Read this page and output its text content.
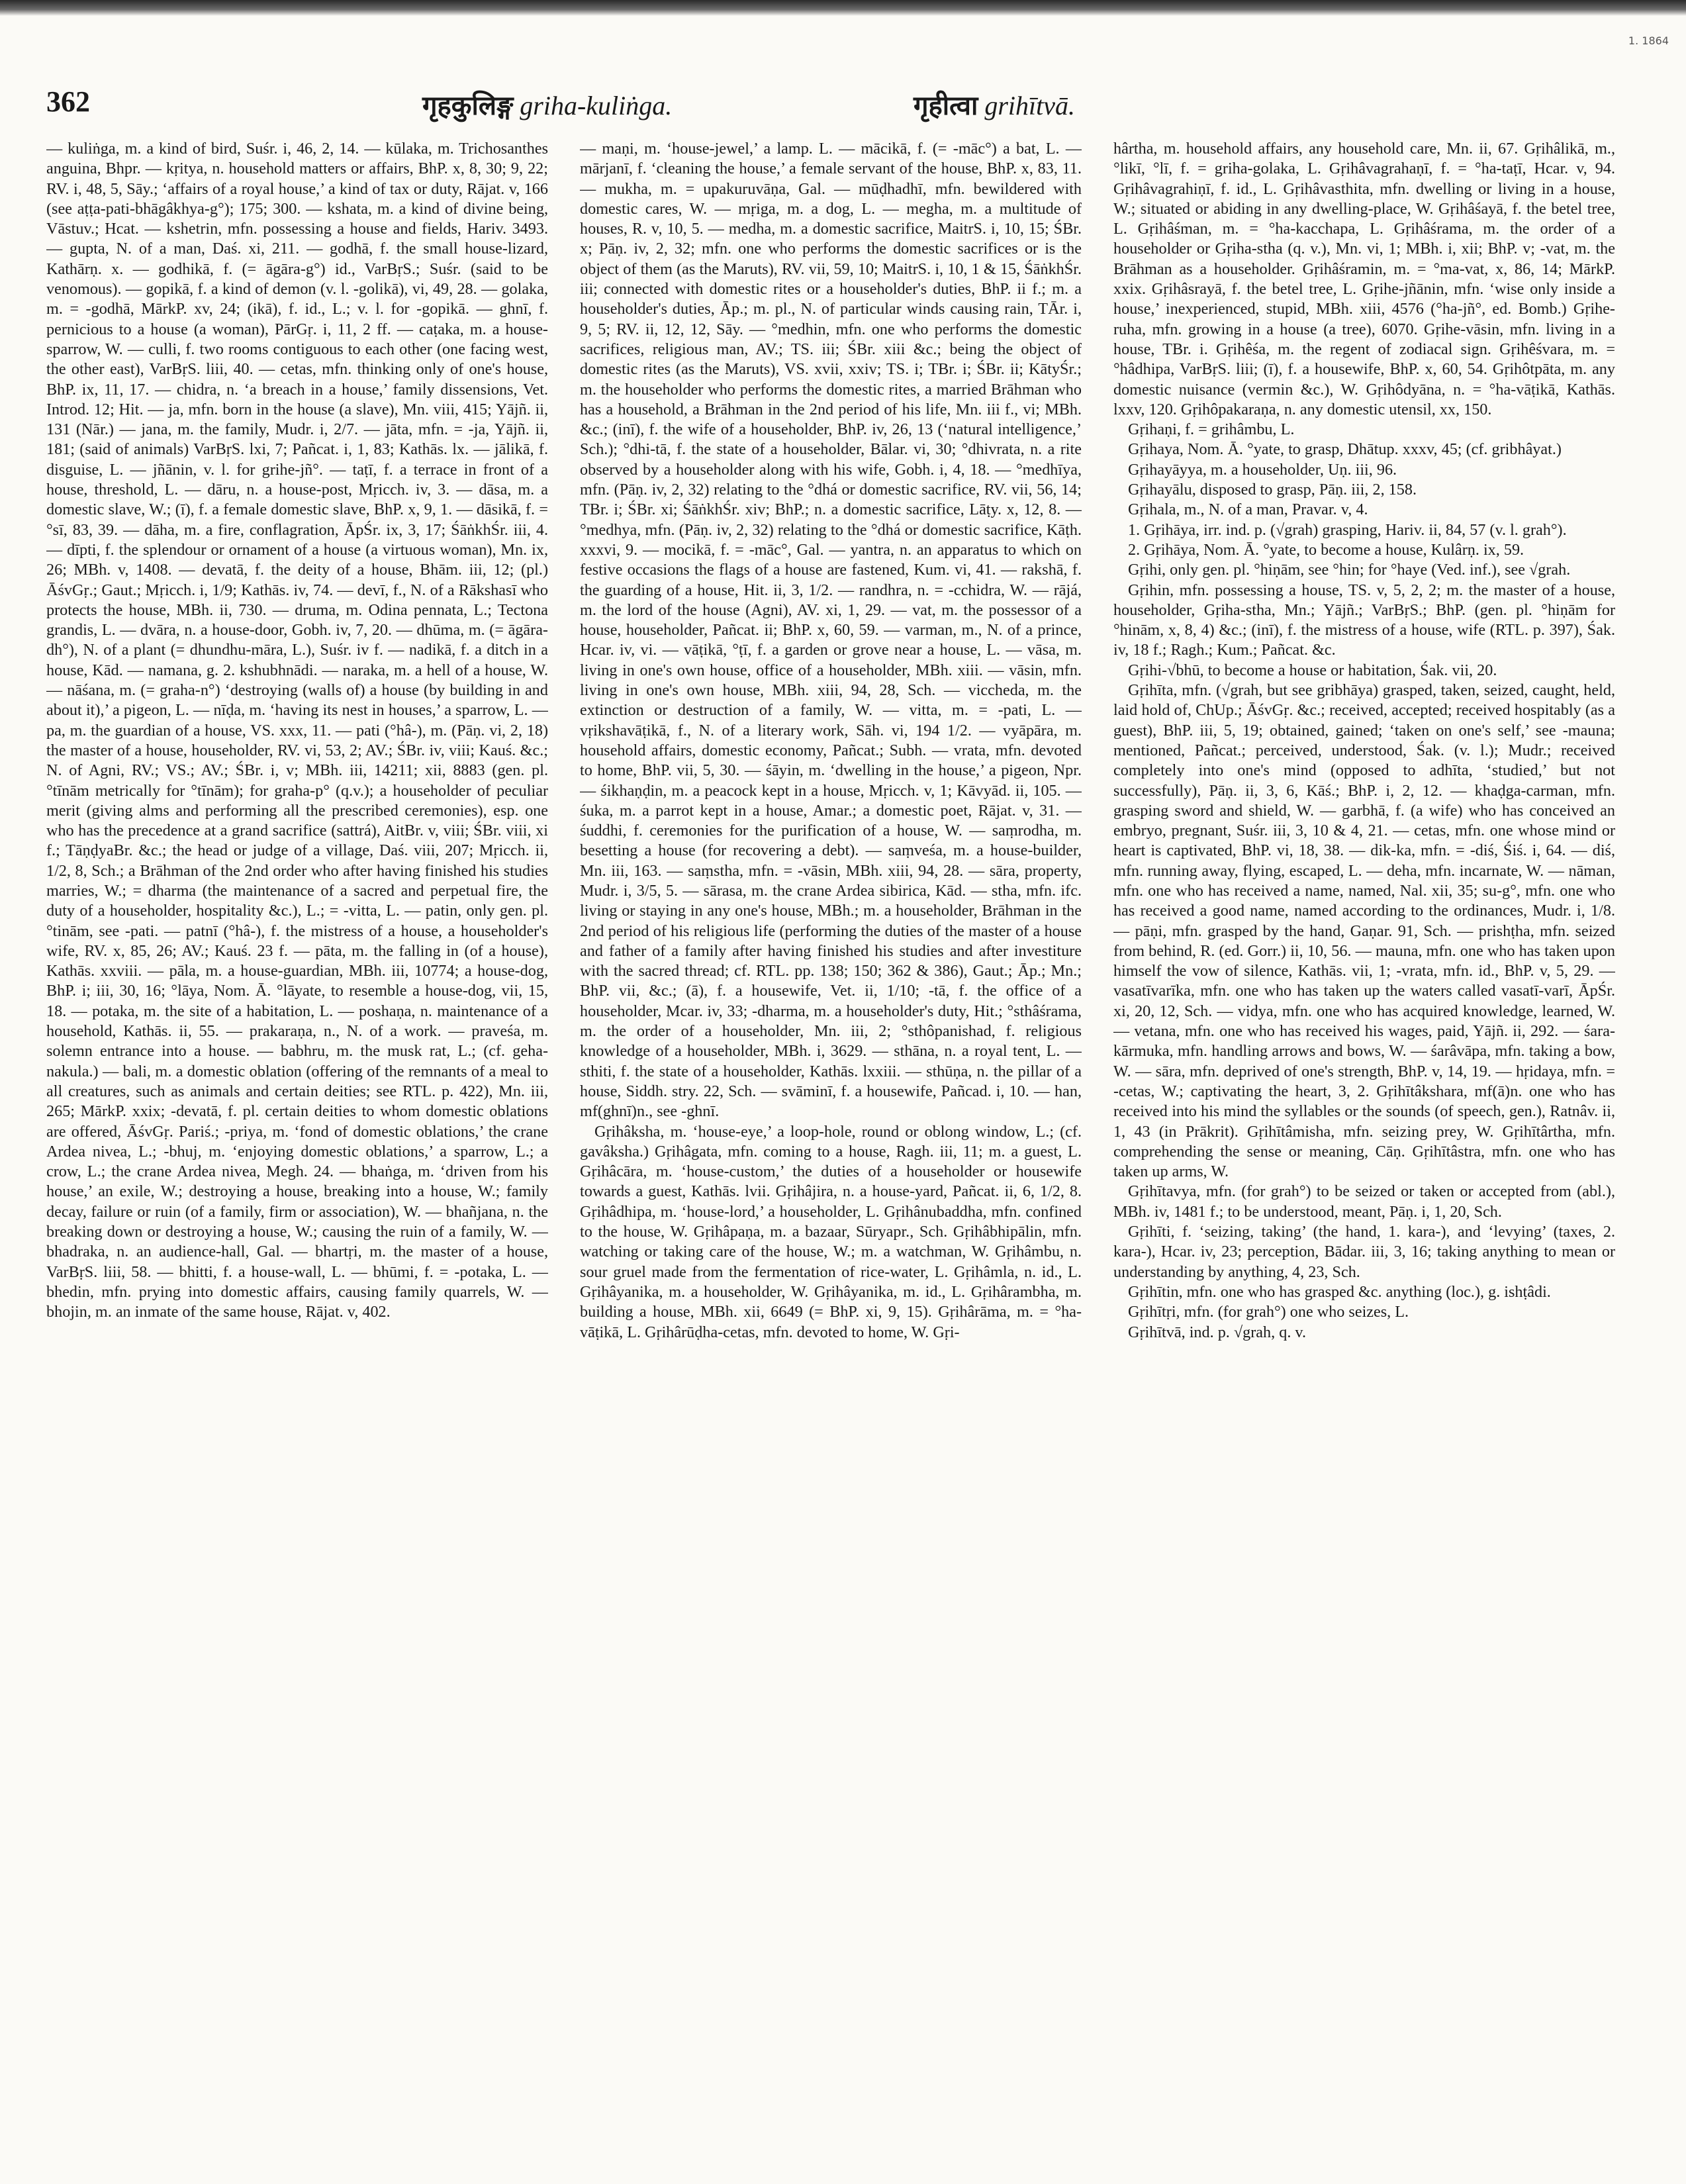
362	गृहकुलिङ्ग griha-kuliṅga.	गृहीत्वा grihītvā.
1. 1864

— kuliṅga, m. a kind of bird, Suśr. i, 46, 2, 14. — kūlaka, m. Trichosanthes anguina, Bhpr. — kṛitya, n. household matters or affairs, BhP. x, 8, 30; 9, 22; RV. i, 48, 5, Sāy.; ‘affairs of a royal house,’ a kind of tax or duty, Rājat. v, 166 (see aṭṭa-pati-bhāgâkhya-g°); 175; 300. — kshata, m. a kind of divine being, Vāstuv.; Hcat. — kshetrin, mfn. possessing a house and fields, Hariv. 3493. — gupta, N. of a man, Daś. xi, 211. — godhā, f. the small house-lizard, Kathārṇ. x. — godhikā, f. (= āgāra-g°) id., VarBṛS.; Suśr. (said to be venomous). — gopikā, f. a kind of demon (v. l. -golikā), vi, 49, 28. — golaka, m. = -godhā, MārkP. xv, 24; (ikā), f. id., L.; v. l. for -gopikā. — ghnī, f. pernicious to a house (a woman), PārGṛ. i, 11, 2 ff. — caṭaka, m. a house-sparrow, W. — culli, f. two rooms contiguous to each other (one facing west, the other east), VarBṛS. liii, 40. — cetas, mfn. thinking only of one's house, BhP. ix, 11, 17. — chidra, n. ‘a breach in a house,’ family dissensions, Vet. Introd. 12; Hit. — ja, mfn. born in the house (a slave), Mn. viii, 415; Yājñ. ii, 131 (Nār.) — jana, m. the family, Mudr. i, 2/7. — jāta, mfn. = -ja, Yājñ. ii, 181; (said of animals) VarBṛS. lxi, 7; Pañcat. i, 1, 83; Kathās. lx. — jālikā, f. disguise, L. — jñānin, v. l. for grihe-jñ°. — taṭī, f. a terrace in front of a house, threshold, L. — dāru, n. a house-post, Mṛicch. iv, 3. — dāsa, m. a domestic slave, W.; (ī), f. a female domestic slave, BhP. x, 9, 1. — dāsikā, f. = °sī, 83, 39. — dāha, m. a fire, conflagration, ĀpŚr. ix, 3, 17; ŚāṅkhŚr. iii, 4. — dīpti, f. the splendour or ornament of a house (a virtuous woman), Mn. ix, 26; MBh. v, 1408. — devatā, f. the deity of a house, Bhām. iii, 12; (pl.) ĀśvGṛ.; Gaut.; Mṛicch. i, 1/9; Kathās. iv, 74. — devī, f., N. of a Rākshasī who protects the house, MBh. ii, 730. — druma, m. Odina pennata, L.; Tectona grandis, L. — dvāra, n. a house-door, Gobh. iv, 7, 20. — dhūma, m. (= āgāra-dh°), N. of a plant (= dhundhu-māra, L.), Suśr. iv f. — nadikā, f. a ditch in a house, Kād. — namana, g. 2. kshubhnādi. — naraka, m. a hell of a house, W. — nāśana, m. (= graha-n°) ‘destroying (walls of) a house (by building in and about it),’ a pigeon, L. — nīḍa, m. ‘having its nest in houses,’ a sparrow, L. — pa, m. the guardian of a house, VS. xxx, 11. — pati (°hâ-), m. (Pāṇ. vi, 2, 18) the master of a house, householder, RV. vi, 53, 2; AV.; ŚBr. iv, viii; Kauś. &c.; N. of Agni, RV.; VS.; AV.; ŚBr. i, v; MBh. iii, 14211; xii, 8883 (gen. pl. °tīnām metrically for °tīnām); for graha-p° (q.v.); a householder of peculiar merit (giving alms and performing all the prescribed ceremonies), esp. one who has the precedence at a grand sacrifice (sattrá), AitBr. v, viii; ŚBr. viii, xi f.; TāṇḍyaBr. &c.; the head or judge of a village, Daś. viii, 207; Mṛicch. ii, 1/2, 8, Sch.; a Brāhman of the 2nd order who after having finished his studies marries, W.; = dharma (the maintenance of a sacred and perpetual fire, the duty of a householder, hospitality &c.), L.; = -vitta, L. — patin, only gen. pl. °tinām, see -pati. — patnī (°hâ-), f. the mistress of a house, a householder's wife, RV. x, 85, 26; AV.; Kauś. 23 f. — pāta, m. the falling in (of a house), Kathās. xxviii. — pāla, m. a house-guardian, MBh. iii, 10774; a house-dog, BhP. i; iii, 30, 16; °lāya, Nom. Ā. °lāyate, to resemble a house-dog, vii, 15, 18. — potaka, m. the site of a habitation, L. — poshaṇa, n. maintenance of a household, Kathās. ii, 55. — prakaraṇa, n., N. of a work. — praveśa, m. solemn entrance into a house. — babhru, m. the musk rat, L.; (cf. geha-nakula.) — bali, m. a domestic oblation (offering of the remnants of a meal to all creatures, such as animals and certain deities; see RTL. p. 422), Mn. iii, 265; MārkP. xxix; -devatā, f. pl. certain deities to whom domestic oblations are offered, ĀśvGṛ. Pariś.; -priya, m. ‘fond of domestic oblations,’ the crane Ardea nivea, L.; -bhuj, m. ‘enjoying domestic oblations,’ a sparrow, L.; a crow, L.; the crane Ardea nivea, Megh. 24. — bhaṅga, m. ‘driven from his house,’ an exile, W.; destroying a house, breaking into a house, W.; family decay, failure or ruin (of a family, firm or association), W. — bhañjana, n. the breaking down or destroying a house, W.; causing the ruin of a family, W. — bhadraka, n. an audience-hall, Gal. — bhartṛi, m. the master of a house, VarBṛS. liii, 58. — bhitti, f. a house-wall, L. — bhūmi, f. = -potaka, L. — bhedin, mfn. prying into domestic affairs, causing family quarrels, W. — bhojin, m. an inmate of the same house, Rājat. v, 402.

— maṇi, m. ‘house-jewel,’ a lamp. L. — mācikā, f. (= -māc°) a bat, L. — mārjanī, f. ‘cleaning the house,’ a female servant of the house, BhP. x, 83, 11. — mukha, m. = upakuruvāṇa, Gal. — mūḍhadhī, mfn. bewildered with domestic cares, W. — mṛiga, m. a dog, L. — megha, m. a multitude of houses, R. v, 10, 5. — medha, m. a domestic sacrifice, MaitrS. i, 10, 15; ŚBr. x; Pāṇ. iv, 2, 32; mfn. one who performs the domestic sacrifices or is the object of them (as the Maruts), RV. vii, 59, 10; MaitrS. i, 10, 1 & 15, ŚāṅkhŚr. iii; connected with domestic rites or a householder's duties, BhP. ii f.; m. a householder's duties, Āp.; m. pl., N. of particular winds causing rain, TĀr. i, 9, 5; RV. ii, 12, 12, Sāy. — °medhin, mfn. one who performs the domestic sacrifices, religious man, AV.; TS. iii; ŚBr. xiii &c.; being the object of domestic rites (as the Maruts), VS. xvii, xxiv; TS. i; TBr. i; ŚBr. ii; KātyŚr.; m. the householder who performs the domestic rites, a married Brāhman who has a household, a Brāhman in the 2nd period of his life, Mn. iii f., vi; MBh. &c.; (inī), f. the wife of a householder, BhP. iv, 26, 13 (‘natural intelligence,’ Sch.); °dhi-tā, f. the state of a householder, Bālar. vi, 30; °dhivrata, n. a rite observed by a householder along with his wife, Gobh. i, 4, 18. — °medhīya, mfn. (Pāṇ. iv, 2, 32) relating to the °dhá or domestic sacrifice, RV. vii, 56, 14; TBr. i; ŚBr. xi; ŚāṅkhŚr. xiv; BhP.; n. a domestic sacrifice, Lāṭy. x, 12, 8. — °medhya, mfn. (Pāṇ. iv, 2, 32) relating to the °dhá or domestic sacrifice, Kāṭh. xxxvi, 9. — mocikā, f. = -māc°, Gal. — yantra, n. an apparatus to which on festive occasions the flags of a house are fastened, Kum. vi, 41. — rakshā, f. the guarding of a house, Hit. ii, 3, 1/2. — randhra, n. = -cchidra, W. — rājá, m. the lord of the house (Agni), AV. xi, 1, 29. — vat, m. the possessor of a house, householder, Pañcat. ii; BhP. x, 60, 59. — varman, m., N. of a prince, Hcar. iv, vi. — vāṭikā, °ṭī, f. a garden or grove near a house, L. — vāsa, m. living in one's own house, office of a householder, MBh. xiii. — vāsin, mfn. living in one's own house, MBh. xiii, 94, 28, Sch. — viccheda, m. the extinction or destruction of a family, W. — vitta, m. = -pati, L. — vṛikshavāṭikā, f., N. of a literary work, Sāh. vi, 194 1/2. — vyāpāra, m. household affairs, domestic economy, Pañcat.; Subh. — vrata, mfn. devoted to home, BhP. vii, 5, 30. — śāyin, m. ‘dwelling in the house,’ a pigeon, Npr. — śikhaṇḍin, m. a peacock kept in a house, Mṛicch. v, 1; Kāvyād. ii, 105. — śuka, m. a parrot kept in a house, Amar.; a domestic poet, Rājat. v, 31. — śuddhi, f. ceremonies for the purification of a house, W. — saṃrodha, m. besetting a house (for recovering a debt). — saṃveśa, m. a house-builder, Mn. iii, 163. — saṃstha, mfn. = -vāsin, MBh. xiii, 94, 28. — sāra, property, Mudr. i, 3/5, 5. — sārasa, m. the crane Ardea sibirica, Kād. — stha, mfn. ifc. living or staying in any one's house, MBh.; m. a householder, Brāhman in the 2nd period of his religious life (performing the duties of the master of a house and father of a family after having finished his studies and after investiture with the sacred thread; cf. RTL. pp. 138; 150; 362 & 386), Gaut.; Āp.; Mn.; BhP. vii, &c.; (ā), f. a housewife, Vet. ii, 1/10; -tā, f. the office of a householder, Mcar. iv, 33; -dharma, m. a householder's duty, Hit.; °sthâśrama, m. the order of a householder, Mn. iii, 2; °sthôpanishad, f. religious knowledge of a householder, MBh. i, 3629. — sthāna, n. a royal tent, L. — sthiti, f. the state of a householder, Kathās. lxxiii. — sthūṇa, n. the pillar of a house, Siddh. stry. 22, Sch. — svāminī, f. a housewife, Pañcad. i, 10. — han, mf(ghnī)n., see -ghnī.

Gṛihâksha, m. ‘house-eye,’ a loop-hole, round or oblong window, L.; (cf. gavâksha.) Gṛihâgata, mfn. coming to a house, Ragh. iii, 11; m. a guest, L. Gṛihâcāra, m. ‘house-custom,’ the duties of a householder or housewife towards a guest, Kathās. lvii. Gṛihâjira, n. a house-yard, Pañcat. ii, 6, 1/2, 8. Gṛihâdhipa, m. ‘house-lord,’ a householder, L. Gṛihânubaddha, mfn. confined to the house, W. Gṛihâpaṇa, m. a bazaar, Sūryapr., Sch. Gṛihâbhipālin, mfn. watching or taking care of the house, W.; m. a watchman, W. Gṛihâmbu, n. sour gruel made from the fermentation of rice-water, L. Gṛihâmla, n. id., L. Gṛihâyanika, m. a householder, W. Gṛihâyanika, m. id., L. Gṛihârambha, m. building a house, MBh. xii, 6649 (= BhP. xi, 9, 15). Gṛihârāma, m. = °ha-vāṭikā, L. Gṛihârūḍha-cetas, mfn. devoted to home, W. Gṛi-

hârtha, m. household affairs, any household care, Mn. ii, 67. Gṛihâlikā, m., °likī, °lī, f. = griha-golaka, L. Gṛihâvagrahaṇī, f. = °ha-taṭī, Hcar. v, 94. Gṛihâvagrahiṇī, f. id., L. Gṛihâvasthita, mfn. dwelling or living in a house, W.; situated or abiding in any dwelling-place, W. Gṛihâśayā, f. the betel tree, L. Gṛihâśman, m. = °ha-kacchapa, L. Gṛihâśrama, m. the order of a householder or Gṛiha-stha (q. v.), Mn. vi, 1; MBh. i, xii; BhP. v; -vat, m. the Brāhman as a householder. Gṛihâśramin, m. = °ma-vat, x, 86, 14; MārkP. xxix. Gṛihâsrayā, f. the betel tree, L. Gṛihe-jñānin, mfn. ‘wise only inside a house,’ inexperienced, stupid, MBh. xiii, 4576 (°ha-jñ°, ed. Bomb.) Gṛihe-ruha, mfn. growing in a house (a tree), 6070. Gṛihe-vāsin, mfn. living in a house, TBr. i. Gṛihêśa, m. the regent of zodiacal sign. Gṛihêśvara, m. = °hâdhipa, VarBṛS. liii; (ī), f. a housewife, BhP. x, 60, 54. Gṛihôtpāta, m. any domestic nuisance (vermin &c.), W. Gṛihôdyāna, n. = °ha-vāṭikā, Kathās. lxxv, 120. Gṛihôpakaraṇa, n. any domestic utensil, xx, 150.

Gṛihaṇi, f. = grihâmbu, L.

Gṛihaya, Nom. Ā. °yate, to grasp, Dhātup. xxxv, 45; (cf. gribhâyat.)

Gṛihayāyya, m. a householder, Uṇ. iii, 96.

Gṛihayālu, disposed to grasp, Pāṇ. iii, 2, 158.

Gṛihala, m., N. of a man, Pravar. v, 4.

1. Gṛihāya, irr. ind. p. (√grah) grasping, Hariv. ii, 84, 57 (v. l. grah°).

2. Gṛihāya, Nom. Ā. °yate, to become a house, Kulârṇ. ix, 59.

Gṛihi, only gen. pl. °hiṇām, see °hin; for °haye (Ved. inf.), see √grah.

Gṛihin, mfn. possessing a house, TS. v, 5, 2, 2; m. the master of a house, householder, Gṛiha-stha, Mn.; Yājñ.; VarBṛS.; BhP. (gen. pl. °hiṇām for °hinām, x, 8, 4) &c.; (inī), f. the mistress of a house, wife (RTL. p. 397), Śak. iv, 18 f.; Ragh.; Kum.; Pañcat. &c.

Gṛihi-√bhū, to become a house or habitation, Śak. vii, 20.

Gṛihīta, mfn. (√grah, but see gribhāya) grasped, taken, seized, caught, held, laid hold of, ChUp.; ĀśvGṛ. &c.; received, accepted; received hospitably (as a guest), BhP. iii, 5, 19; obtained, gained; ‘taken on one's self,’ see -mauna; mentioned, Pañcat.; perceived, understood, Śak. (v. l.); Mudr.; received completely into one's mind (opposed to adhīta, ‘studied,’ but not successfully), Pāṇ. ii, 3, 6, Kāś.; BhP. i, 2, 12. — khaḍga-carman, mfn. grasping sword and shield, W. — garbhā, f. (a wife) who has conceived an embryo, pregnant, Suśr. iii, 3, 10 & 4, 21. — cetas, mfn. one whose mind or heart is captivated, BhP. vi, 18, 38. — dik-ka, mfn. = -diś, Śiś. i, 64. — diś, mfn. running away, flying, escaped, L. — deha, mfn. incarnate, W. — nāman, mfn. one who has received a name, named, Nal. xii, 35; su-g°, mfn. one who has received a good name, named according to the ordinances, Mudr. i, 1/8. — pāṇi, mfn. grasped by the hand, Gaṇar. 91, Sch. — prishṭha, mfn. seized from behind, R. (ed. Gorr.) ii, 10, 56. — mauna, mfn. one who has taken upon himself the vow of silence, Kathās. vii, 1; -vrata, mfn. id., BhP. v, 5, 29. — vasatīvarīka, mfn. one who has taken up the waters called vasatī-varī, ĀpŚr. xi, 20, 12, Sch. — vidya, mfn. one who has acquired knowledge, learned, W. — vetana, mfn. one who has received his wages, paid, Yājñ. ii, 292. — śara-kārmuka, mfn. handling arrows and bows, W. — śarâvāpa, mfn. taking a bow, W. — sāra, mfn. deprived of one's strength, BhP. v, 14, 19. — hṛidaya, mfn. = -cetas, W.; captivating the heart, 3, 2. Gṛihītâkshara, mf(ā)n. one who has received into his mind the syllables or the sounds (of speech, gen.), Ratnâv. ii, 1, 43 (in Prākrit). Gṛihītâmisha, mfn. seizing prey, W. Gṛihītârtha, mfn. comprehending the sense or meaning, Cāṇ. Gṛihītâstra, mfn. one who has taken up arms, W.

Gṛihītavya, mfn. (for grah°) to be seized or taken or accepted from (abl.), MBh. iv, 1481 f.; to be understood, meant, Pāṇ. i, 1, 20, Sch.

Gṛihīti, f. ‘seizing, taking’ (the hand, 1. kara-), and ‘levying’ (taxes, 2. kara-), Hcar. iv, 23; perception, Bādar. iii, 3, 16; taking anything to mean or understanding by anything, 4, 23, Sch.

Gṛihītin, mfn. one who has grasped &c. anything (loc.), g. ishṭâdi.

Gṛihītṛi, mfn. (for grah°) one who seizes, L.

Gṛihītvā, ind. p. √grah, q. v.
